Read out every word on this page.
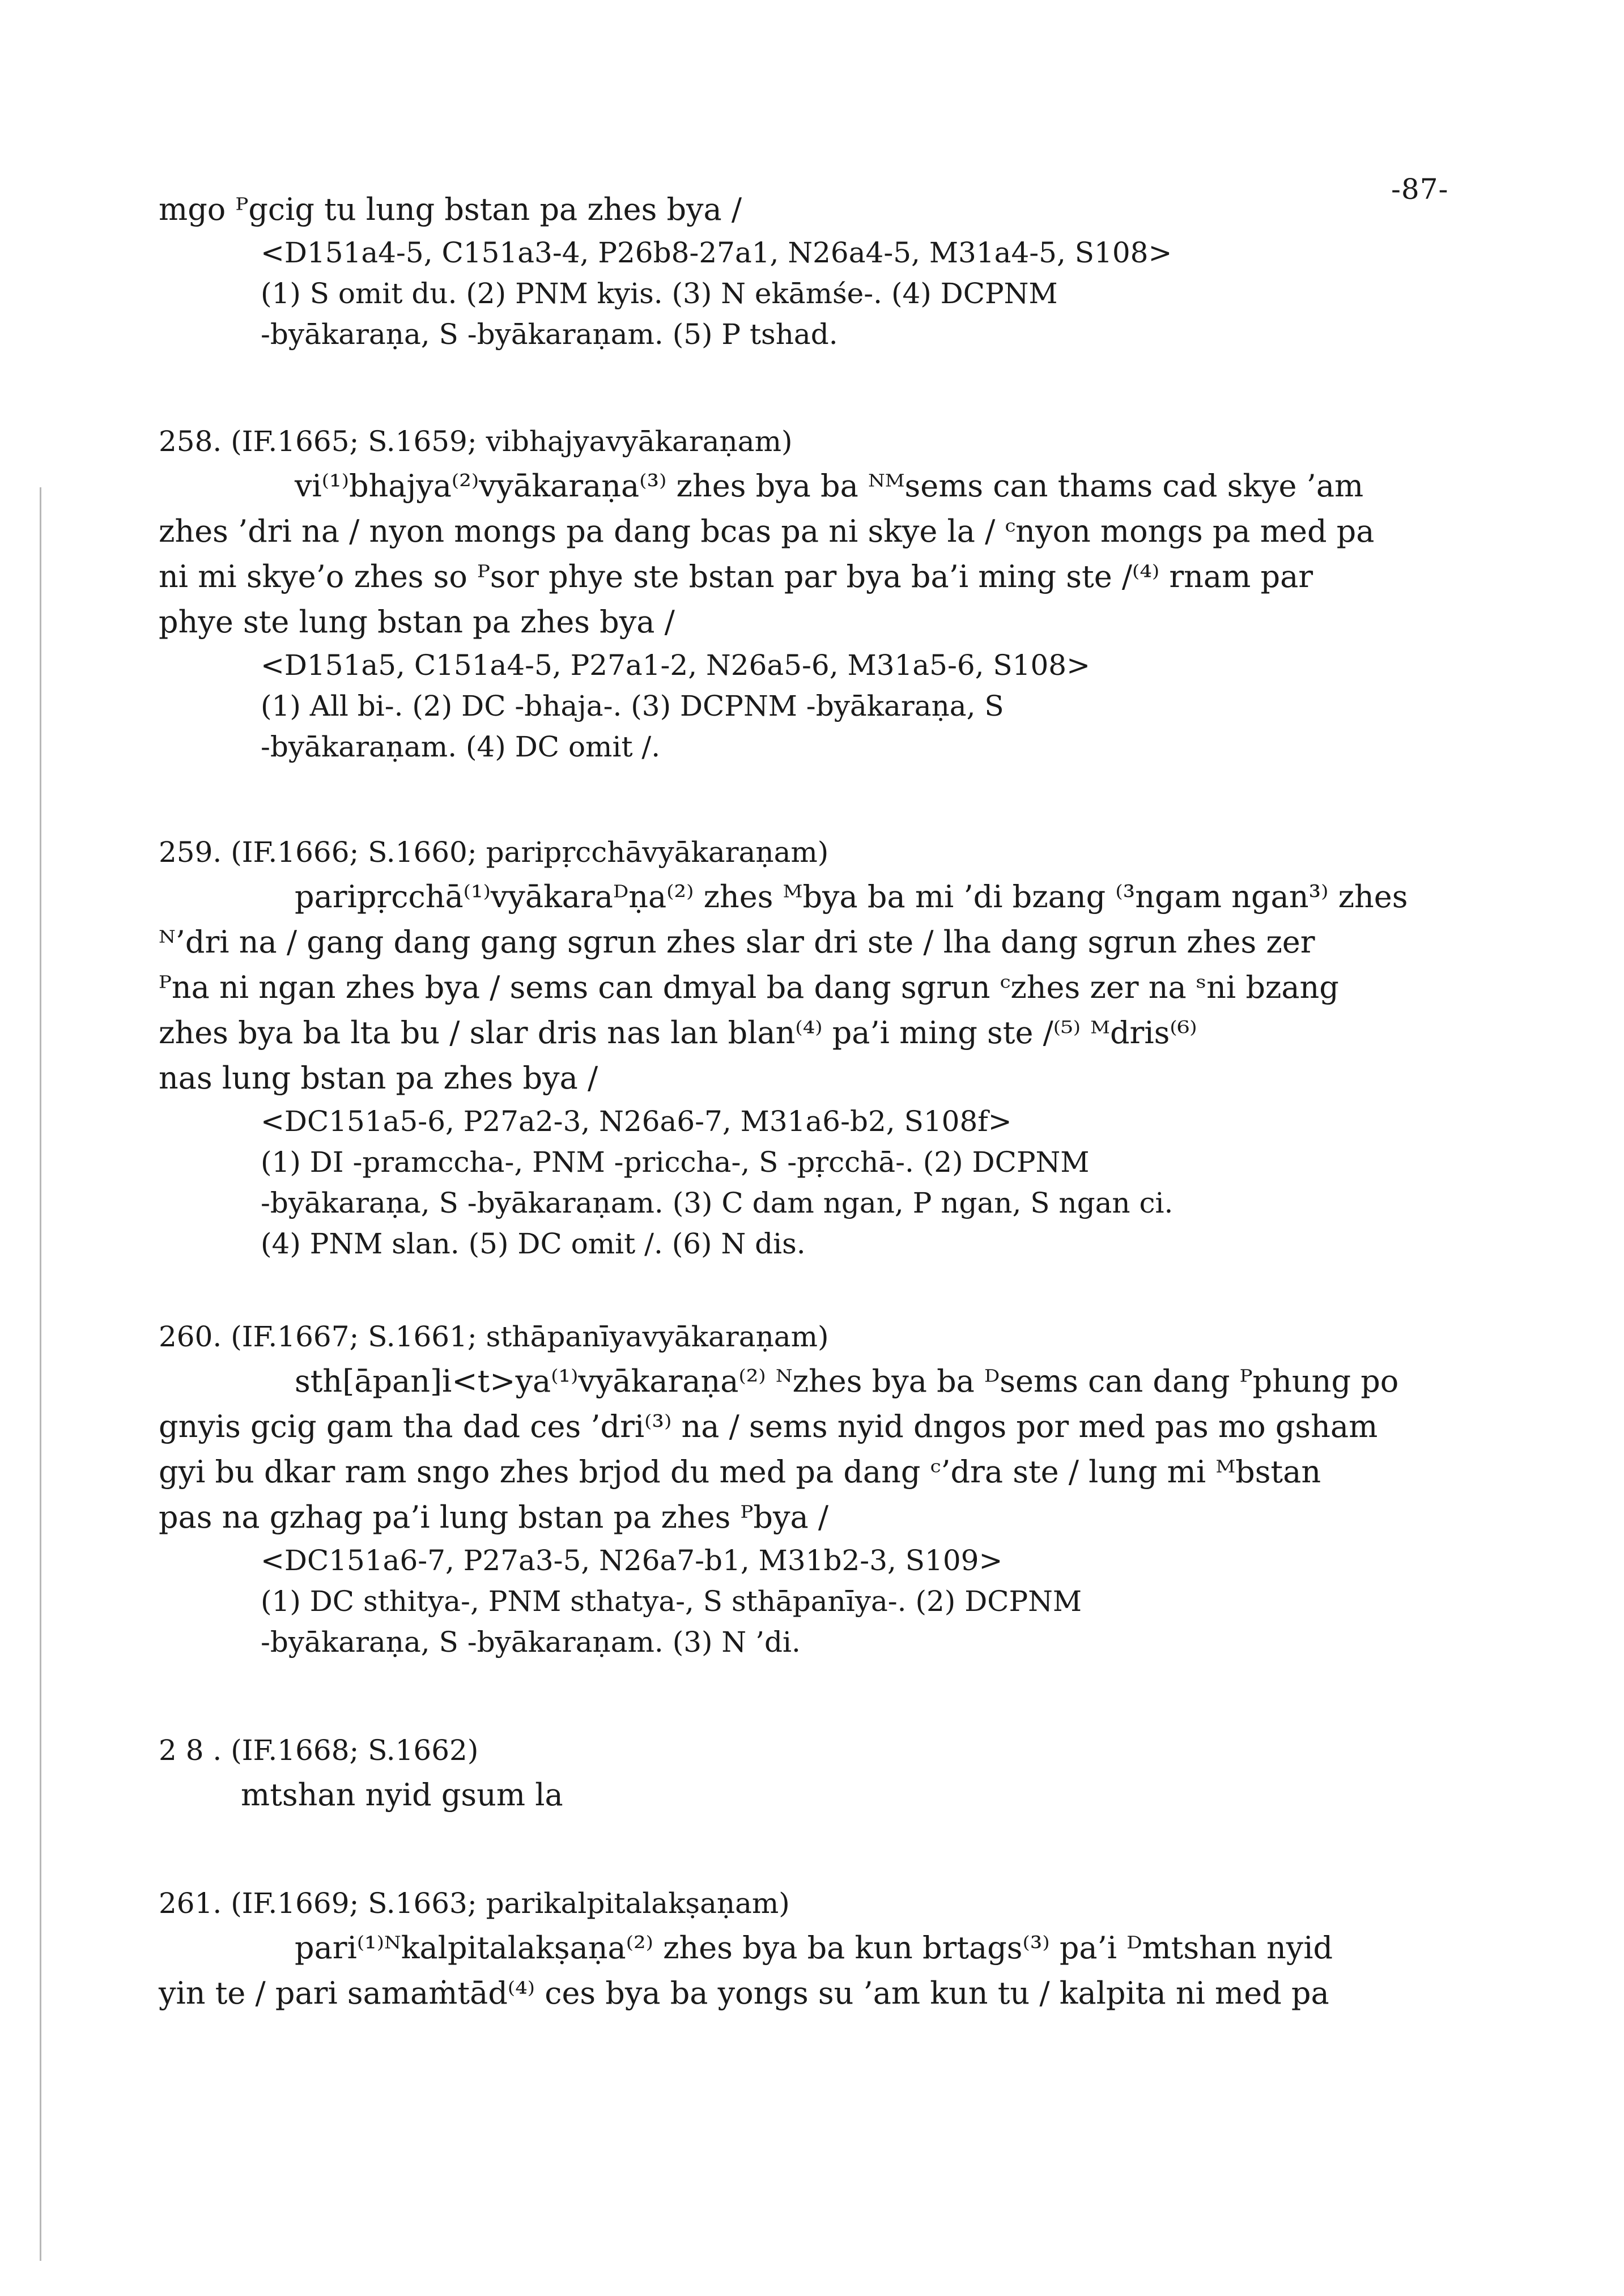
-87-
mgo ᴾgcig tu lung bstan pa zhes bya /
<D151a4-5, C151a3-4, P26b8-27a1, N26a4-5, M31a4-5, S108>
(1) S omit du. (2) PNM kyis. (3) N ekāmśe-. (4) DCPNM
-byākaraṇa, S -byākaraṇam. (5) P tshad.
258. (IF.1665; S.1659; vibhajyavyākaraṇam)
vi⁽¹⁾bhajya⁽²⁾vyākaraṇa⁽³⁾ zhes bya ba ᴺᴹsems can thams cad skye ’am
zhes ’dri na / nyon mongs pa dang bcas pa ni skye la / ᶜnyon mongs pa med pa
ni mi skye’o zhes so ᴾsor phye ste bstan par bya ba’i ming ste /⁽⁴⁾ rnam par
phye ste lung bstan pa zhes bya /
<D151a5, C151a4-5, P27a1-2, N26a5-6, M31a5-6, S108>
(1) All bi-. (2) DC -bhaja-. (3) DCPNM -byākaraṇa, S
-byākaraṇam. (4) DC omit /.
259. (IF.1666; S.1660; paripṛcchāvyākaraṇam)
paripṛcchā⁽¹⁾vyākaraᴰṇa⁽²⁾ zhes ᴹbya ba mi ’di bzang ⁽³ngam ngan³⁾ zhes
ᴺ’dri na / gang dang gang sgrun zhes slar dri ste / lha dang sgrun zhes zer
ᴾna ni ngan zhes bya / sems can dmyal ba dang sgrun ᶜzhes zer na ˢni bzang
zhes bya ba lta bu / slar dris nas lan blan⁽⁴⁾ pa’i ming ste /⁽⁵⁾ ᴹdris⁽⁶⁾
nas lung bstan pa zhes bya /
<DC151a5-6, P27a2-3, N26a6-7, M31a6-b2, S108f>
(1) DI -pramccha-, PNM -priccha-, S -pṛcchā-. (2) DCPNM
-byākaraṇa, S -byākaraṇam. (3) C dam ngan, P ngan, S ngan ci.
(4) PNM slan. (5) DC omit /. (6) N dis.
260. (IF.1667; S.1661; sthāpanīyavyākaraṇam)
sth[āpan]i<t>ya⁽¹⁾vyākaraṇa⁽²⁾ ᴺzhes bya ba ᴰsems can dang ᴾphung po
gnyis gcig gam tha dad ces ’dri⁽³⁾ na / sems nyid dngos por med pas mo gsham
gyi bu dkar ram sngo zhes brjod du med pa dang ᶜ’dra ste / lung mi ᴹbstan
pas na gzhag pa’i lung bstan pa zhes ᴾbya /
<DC151a6-7, P27a3-5, N26a7-b1, M31b2-3, S109>
(1) DC sthitya-, PNM sthatya-, S sthāpanīya-. (2) DCPNM
-byākaraṇa, S -byākaraṇam. (3) N ’di.
2 8 . (IF.1668; S.1662)
mtshan nyid gsum la
261. (IF.1669; S.1663; parikalpitalakṣaṇam)
pari⁽¹⁾ᴺkalpitalakṣaṇa⁽²⁾ zhes bya ba kun brtags⁽³⁾ pa’i ᴰmtshan nyid
yin te / pari samaṁtād⁽⁴⁾ ces bya ba yongs su ’am kun tu / kalpita ni med pa
